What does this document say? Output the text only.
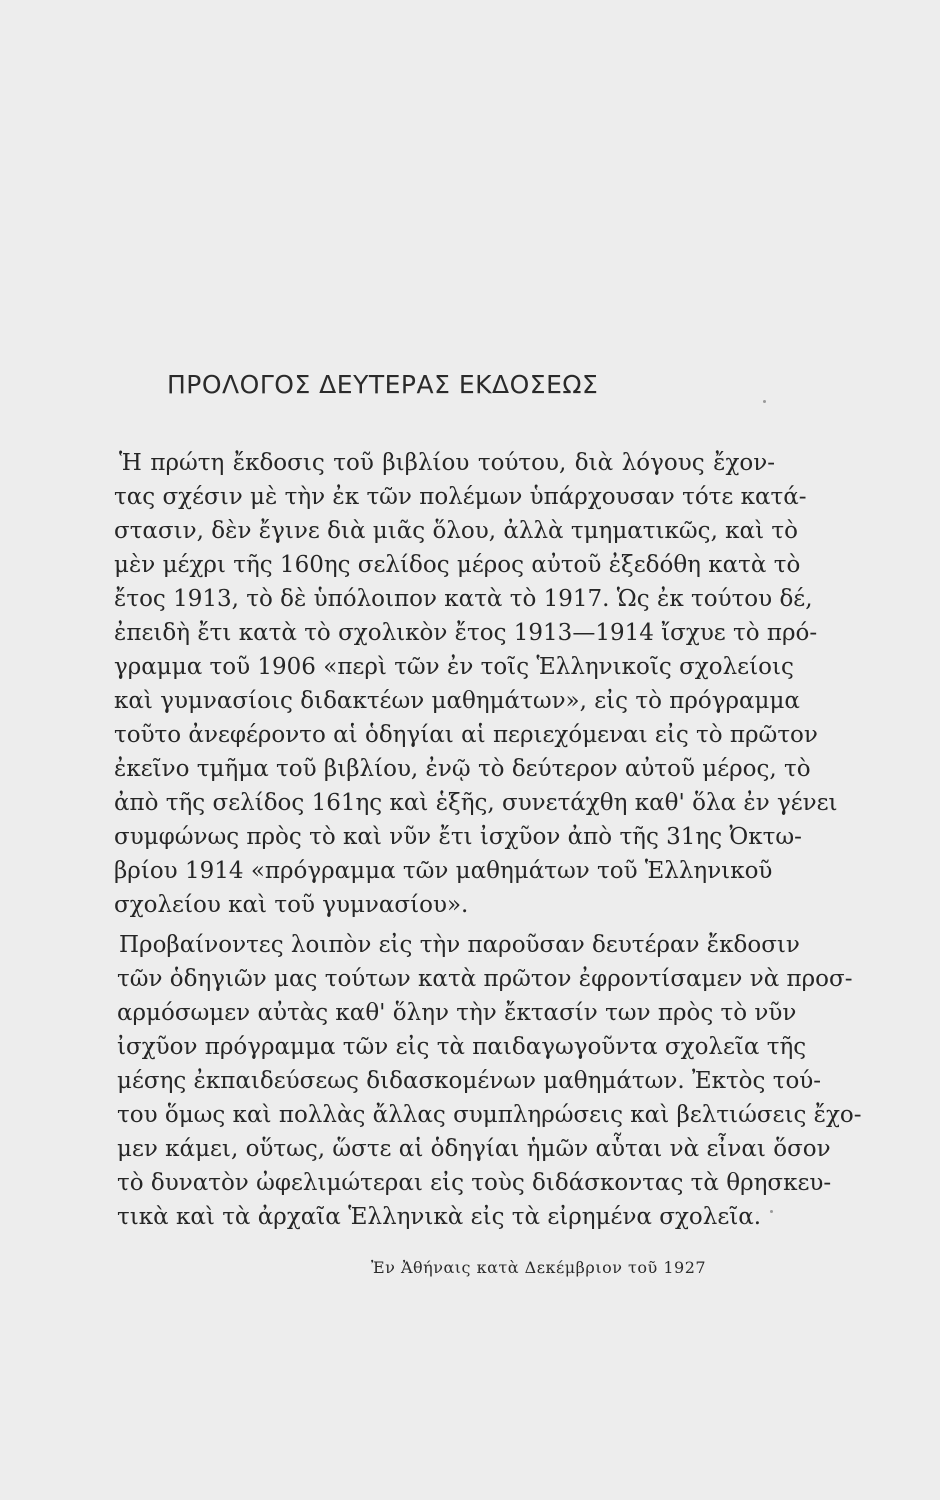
ΠΡΟΛΟΓΟΣ ΔΕΥΤΕΡΑΣ ΕΚΔΟΣΕΩΣ
Ἡ πρώτη ἔκδοσις τοῦ βιβλίου τούτου, διὰ λόγους ἔχον-
τας σχέσιν μὲ τὴν ἐκ τῶν πολέμων ὑπάρχουσαν τότε κατά-
στασιν, δὲν ἔγινε διὰ μιᾶς ὅλου, ἀλλὰ τμηματικῶς, καὶ τὸ
μὲν μέχρι τῆς 160ης σελίδος μέρος αὐτοῦ ἐξεδόθη κατὰ τὸ
ἔτος 1913, τὸ δὲ ὑπόλοιπον κατὰ τὸ 1917. Ὡς ἐκ τούτου δέ,
ἐπειδὴ ἔτι κατὰ τὸ σχολικὸν ἔτος 1913—1914 ἴσχυε τὸ πρό-
γραμμα τοῦ 1906 «περὶ τῶν ἐν τοῖς Ἑλληνικοῖς σχολείοις
καὶ γυμνασίοις διδακτέων μαθημάτων», εἰς τὸ πρόγραμμα
τοῦτο ἀνεφέροντο αἱ ὁδηγίαι αἱ περιεχόμεναι εἰς τὸ πρῶτον
ἐκεῖνο τμῆμα τοῦ βιβλίου, ἐνῷ τὸ δεύτερον αὐτοῦ μέρος, τὸ
ἀπὸ τῆς σελίδος 161ης καὶ ἑξῆς, συνετάχθη καθ' ὅλα ἐν γένει
συμφώνως πρὸς τὸ καὶ νῦν ἔτι ἰσχῦον ἀπὸ τῆς 31ης Ὀκτω-
βρίου 1914 «πρόγραμμα τῶν μαθημάτων τοῦ Ἑλληνικοῦ
σχολείου καὶ τοῦ γυμνασίου».
Προβαίνοντες λοιπὸν εἰς τὴν παροῦσαν δευτέραν ἔκδοσιν
τῶν ὁδηγιῶν μας τούτων κατὰ πρῶτον ἐφροντίσαμεν νὰ προσ-
αρμόσωμεν αὐτὰς καθ' ὅλην τὴν ἔκτασίν των πρὸς τὸ νῦν
ἰσχῦον πρόγραμμα τῶν εἰς τὰ παιδαγωγοῦντα σχολεῖα τῆς
μέσης ἐκπαιδεύσεως διδασκομένων μαθημάτων. Ἐκτὸς τού-
του ὅμως καὶ πολλὰς ἄλλας συμπληρώσεις καὶ βελτιώσεις ἔχο-
μεν κάμει, οὕτως, ὥστε αἱ ὁδηγίαι ἡμῶν αὗται νὰ εἶναι ὅσον
τὸ δυνατὸν ὠφελιμώτεραι εἰς τοὺς διδάσκοντας τὰ θρησκευ-
τικὰ καὶ τὰ ἀρχαῖα Ἑλληνικὰ εἰς τὰ εἰρημένα σχολεῖα.
Ἐν Ἀθήναις κατὰ Δεκέμβριον τοῦ 1927
